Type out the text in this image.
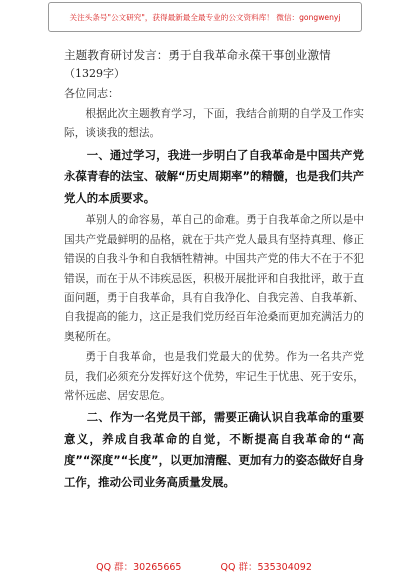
关注头条号"公文研究"，获得最新最全最专业的公文资料库！ 微信：gongwenyj
主题教育研讨发言：勇于自我革命永葆干事创业激情
（1329字）
各位同志：

根据此次主题教育学习，下面，我结合前期的自学及工作实际，谈谈我的想法。

一、通过学习，我进一步明白了自我革命是中国共产党永葆青春的法宝、破解“历史周期率”的精髓，也是我们共产党人的本质要求。

革别人的命容易，革自己的命难。勇于自我革命之所以是中国共产党最鲜明的品格，就在于共产党人最具有坚持真理、修正错误的自我斗争和自我牺牲精神。中国共产党的伟大不在于不犯错误，而在于从不讳疾忌医，积极开展批评和自我批评，敢于直面问题，勇于自我革命，具有自我净化、自我完善、自我革新、自我提高的能力，这正是我们党历经百年沧桑而更加充满活力的奥秘所在。

勇于自我革命，也是我们党最大的优势。作为一名共产党员，我们必须充分发挥好这个优势，牢记生于忧患、死于安乐，常怀远虑、居安思危。

二、作为一名党员干部，需要正确认识自我革命的重要意义，养成自我革命的自觉，不断提高自我革命的“高度”“深度”“长度”，以更加清醒、更加有力的姿态做好自身工作，推动公司业务高质量发展。

QQ 群：30265665	QQ 群：535304092
